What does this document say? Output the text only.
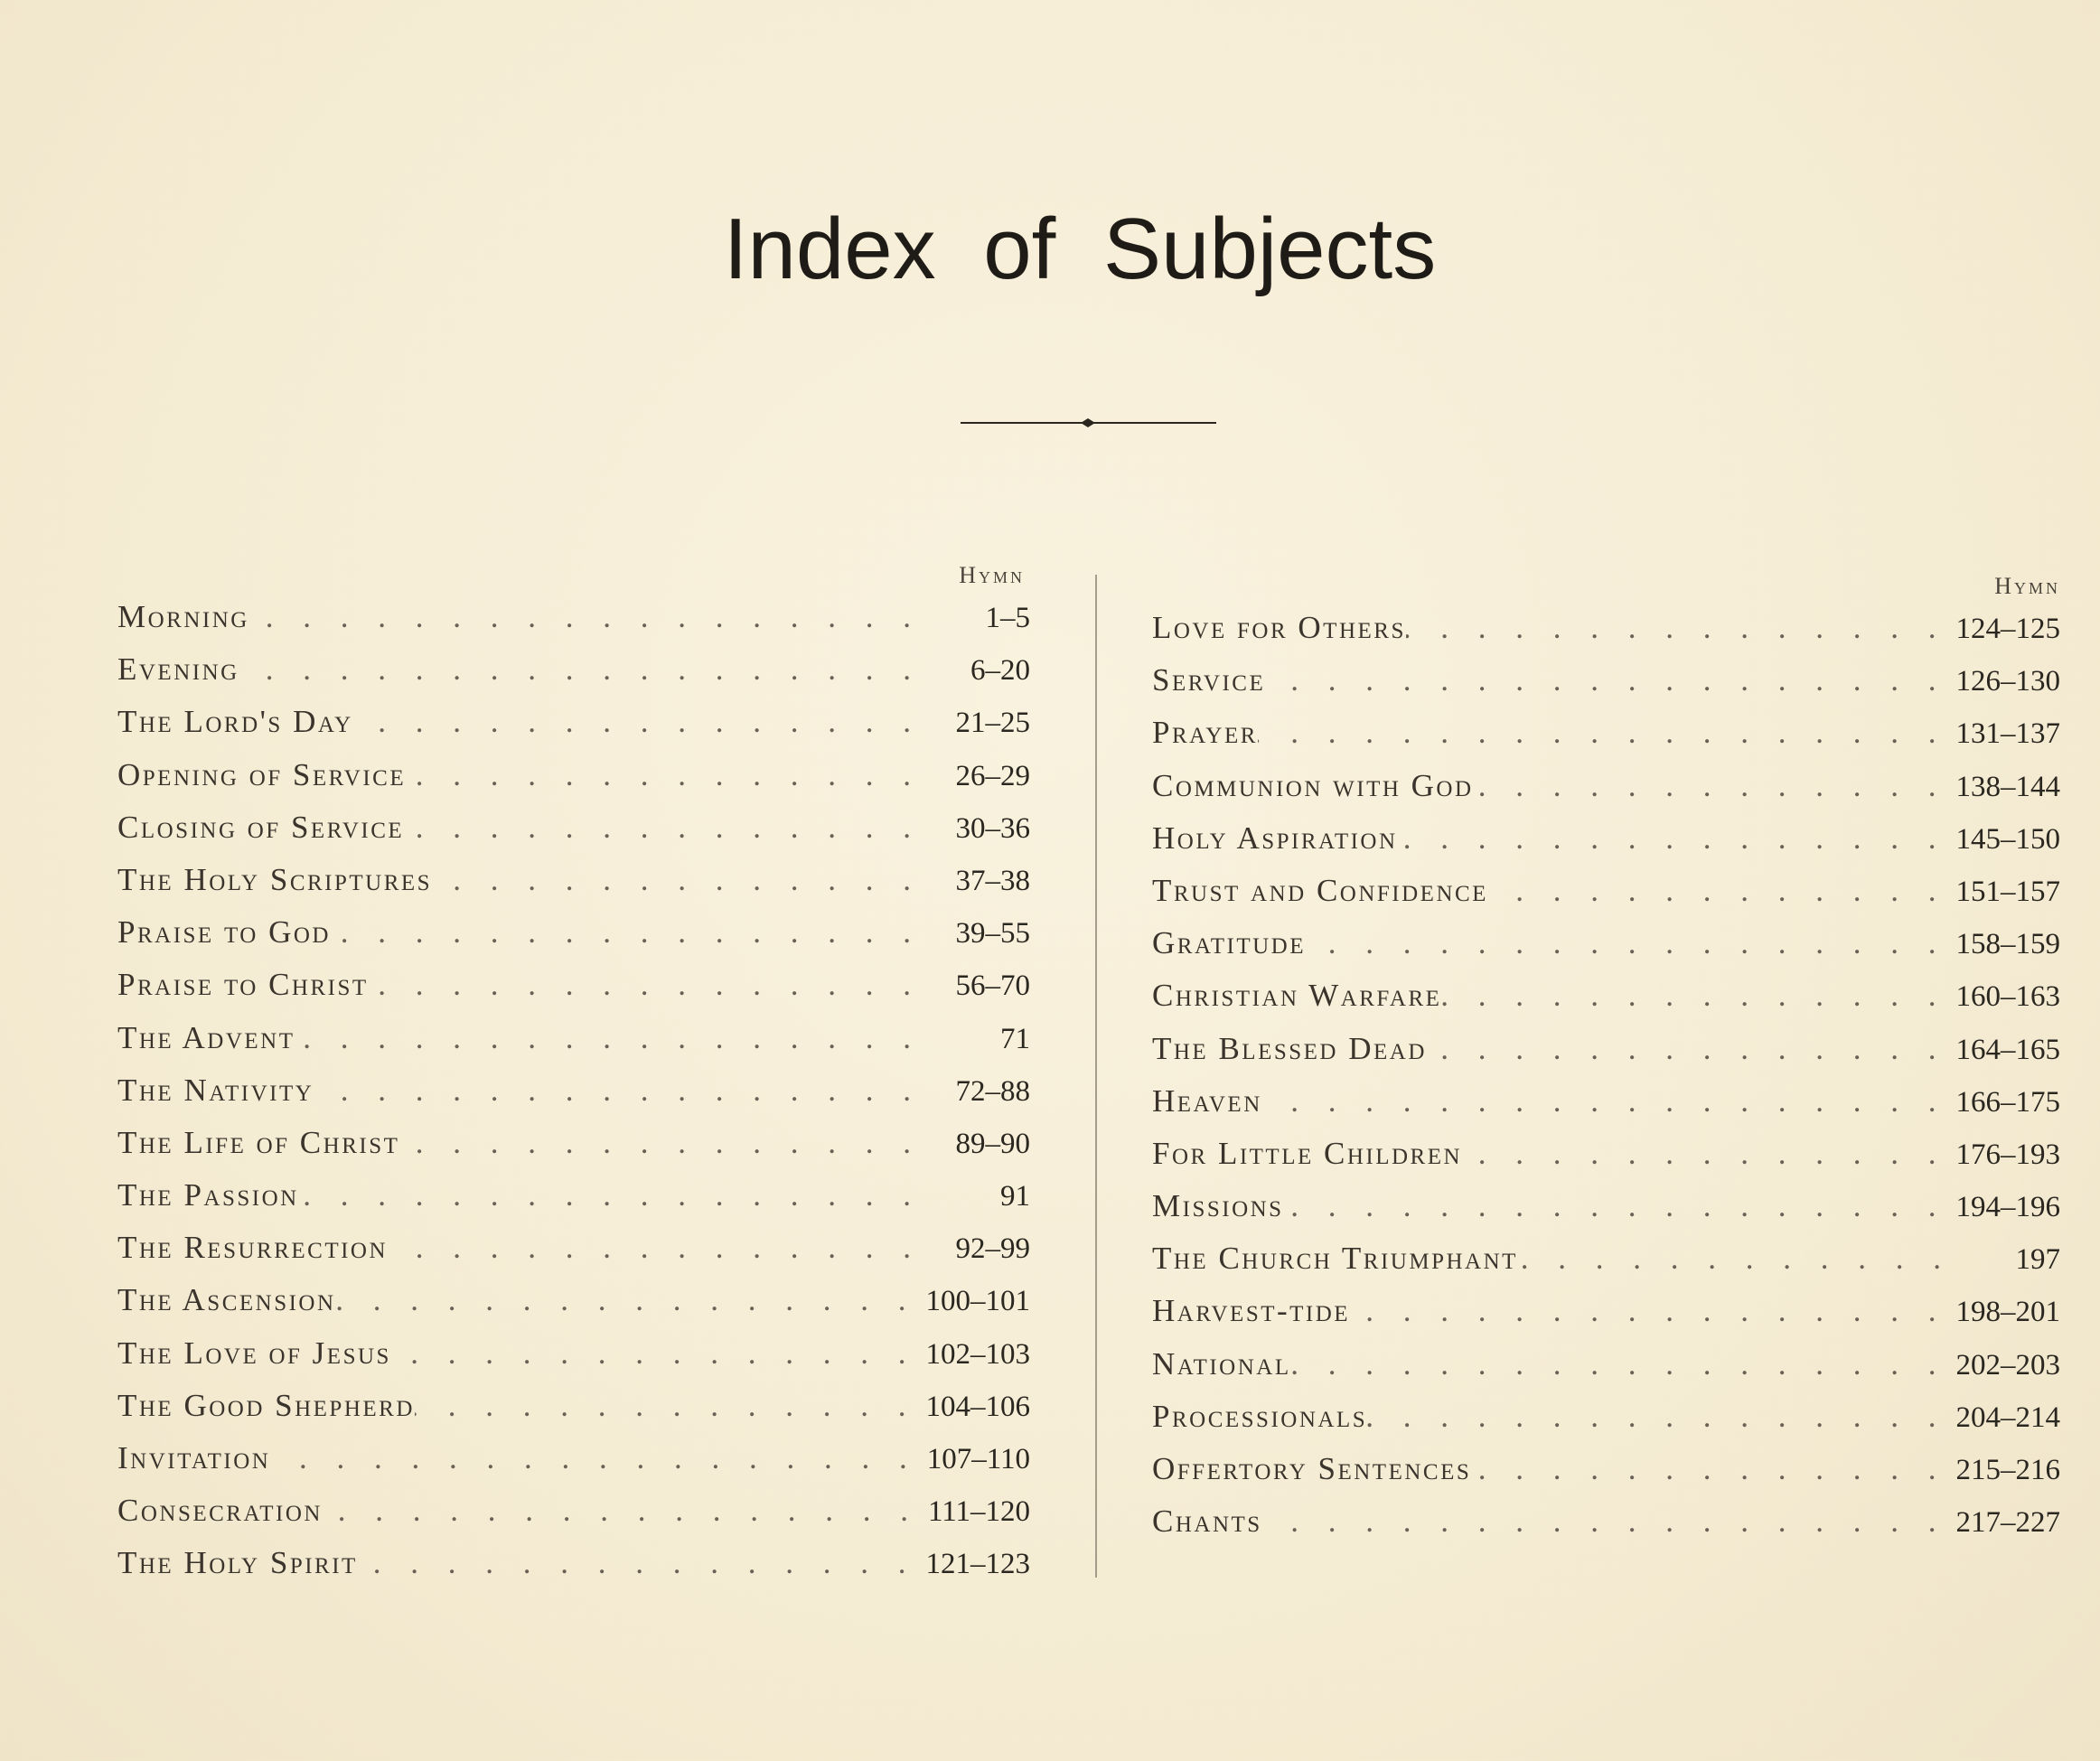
Index of Subjects
Hymn
Morning . . .	1–5
Evening . . .	6–20
The Lord's Day . . .	21–25
Opening of Service . . .	26–29
Closing of Service . . .	30–36
The Holy Scriptures . . .	37–38
Praise to God . . .	39–55
Praise to Christ . . .	56–70
The Advent . . .	71
The Nativity . . .	72–88
The Life of Christ . . .	89–90
The Passion . . .	91
The Resurrection . . .	92–99
The Ascension . . .	100–101
The Love of Jesus . . .	102–103
The Good Shepherd . . .	104–106
Invitation . . .	107–110
Consecration . . .	111–120
The Holy Spirit . . .	121–123
Hymn
Love for Others . . .	124–125
Service . . .	126–130
Prayer . . .	131–137
Communion with God . . .	138–144
Holy Aspiration . . .	145–150
Trust and Confidence . . .	151–157
Gratitude . . .	158–159
Christian Warfare . . .	160–163
The Blessed Dead . . .	164–165
Heaven . . .	166–175
For Little Children . . .	176–193
Missions . . .	194–196
The Church Triumphant . . .	197
Harvest-tide . . .	198–201
National . . .	202–203
Processionals . . .	204–214
Offertory Sentences . . .	215–216
Chants . . .	217–227
